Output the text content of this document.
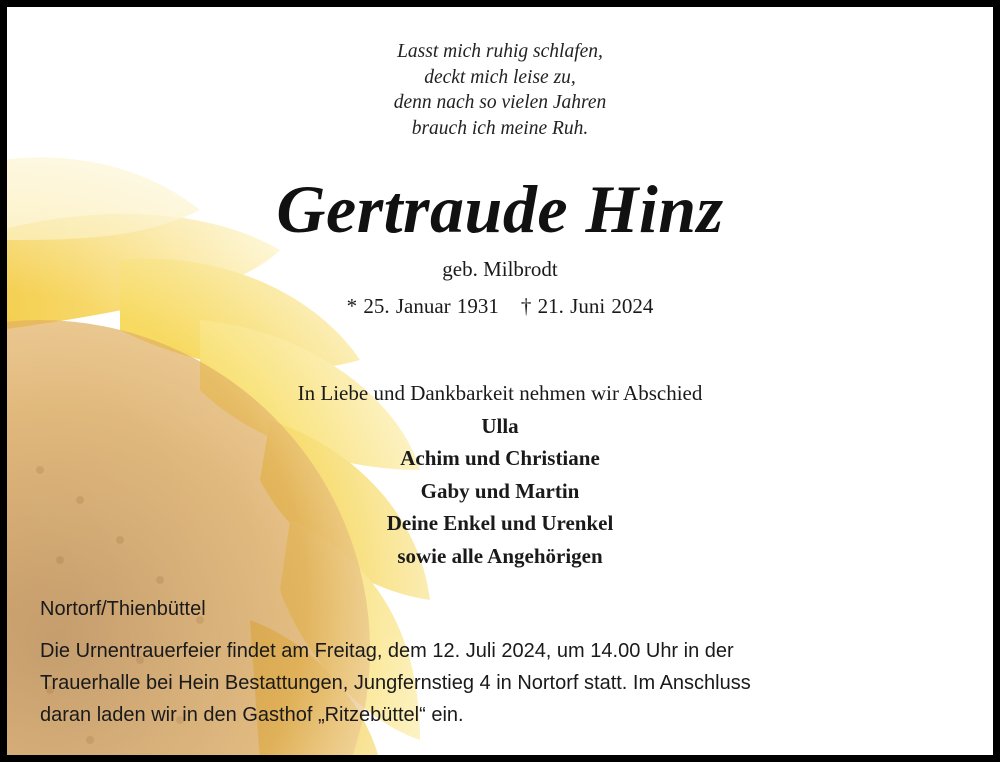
Lasst mich ruhig schlafen,
deckt mich leise zu,
denn nach so vielen Jahren
brauch ich meine Ruh.
Gertraude Hinz
geb. Milbrodt
* 25. Januar 1931 † 21. Juni 2024
In Liebe und Dankbarkeit nehmen wir Abschied
Ulla
Achim und Christiane
Gaby und Martin
Deine Enkel und Urenkel
sowie alle Angehörigen
Nortorf/Thienbüttel
Die Urnentrauerfeier findet am Freitag, dem 12. Juli 2024, um 14.00 Uhr in der
Trauerhalle bei Hein Bestattungen, Jungfernstieg 4 in Nortorf statt. Im Anschluss
daran laden wir in den Gasthof „Ritzebüttel“ ein.
